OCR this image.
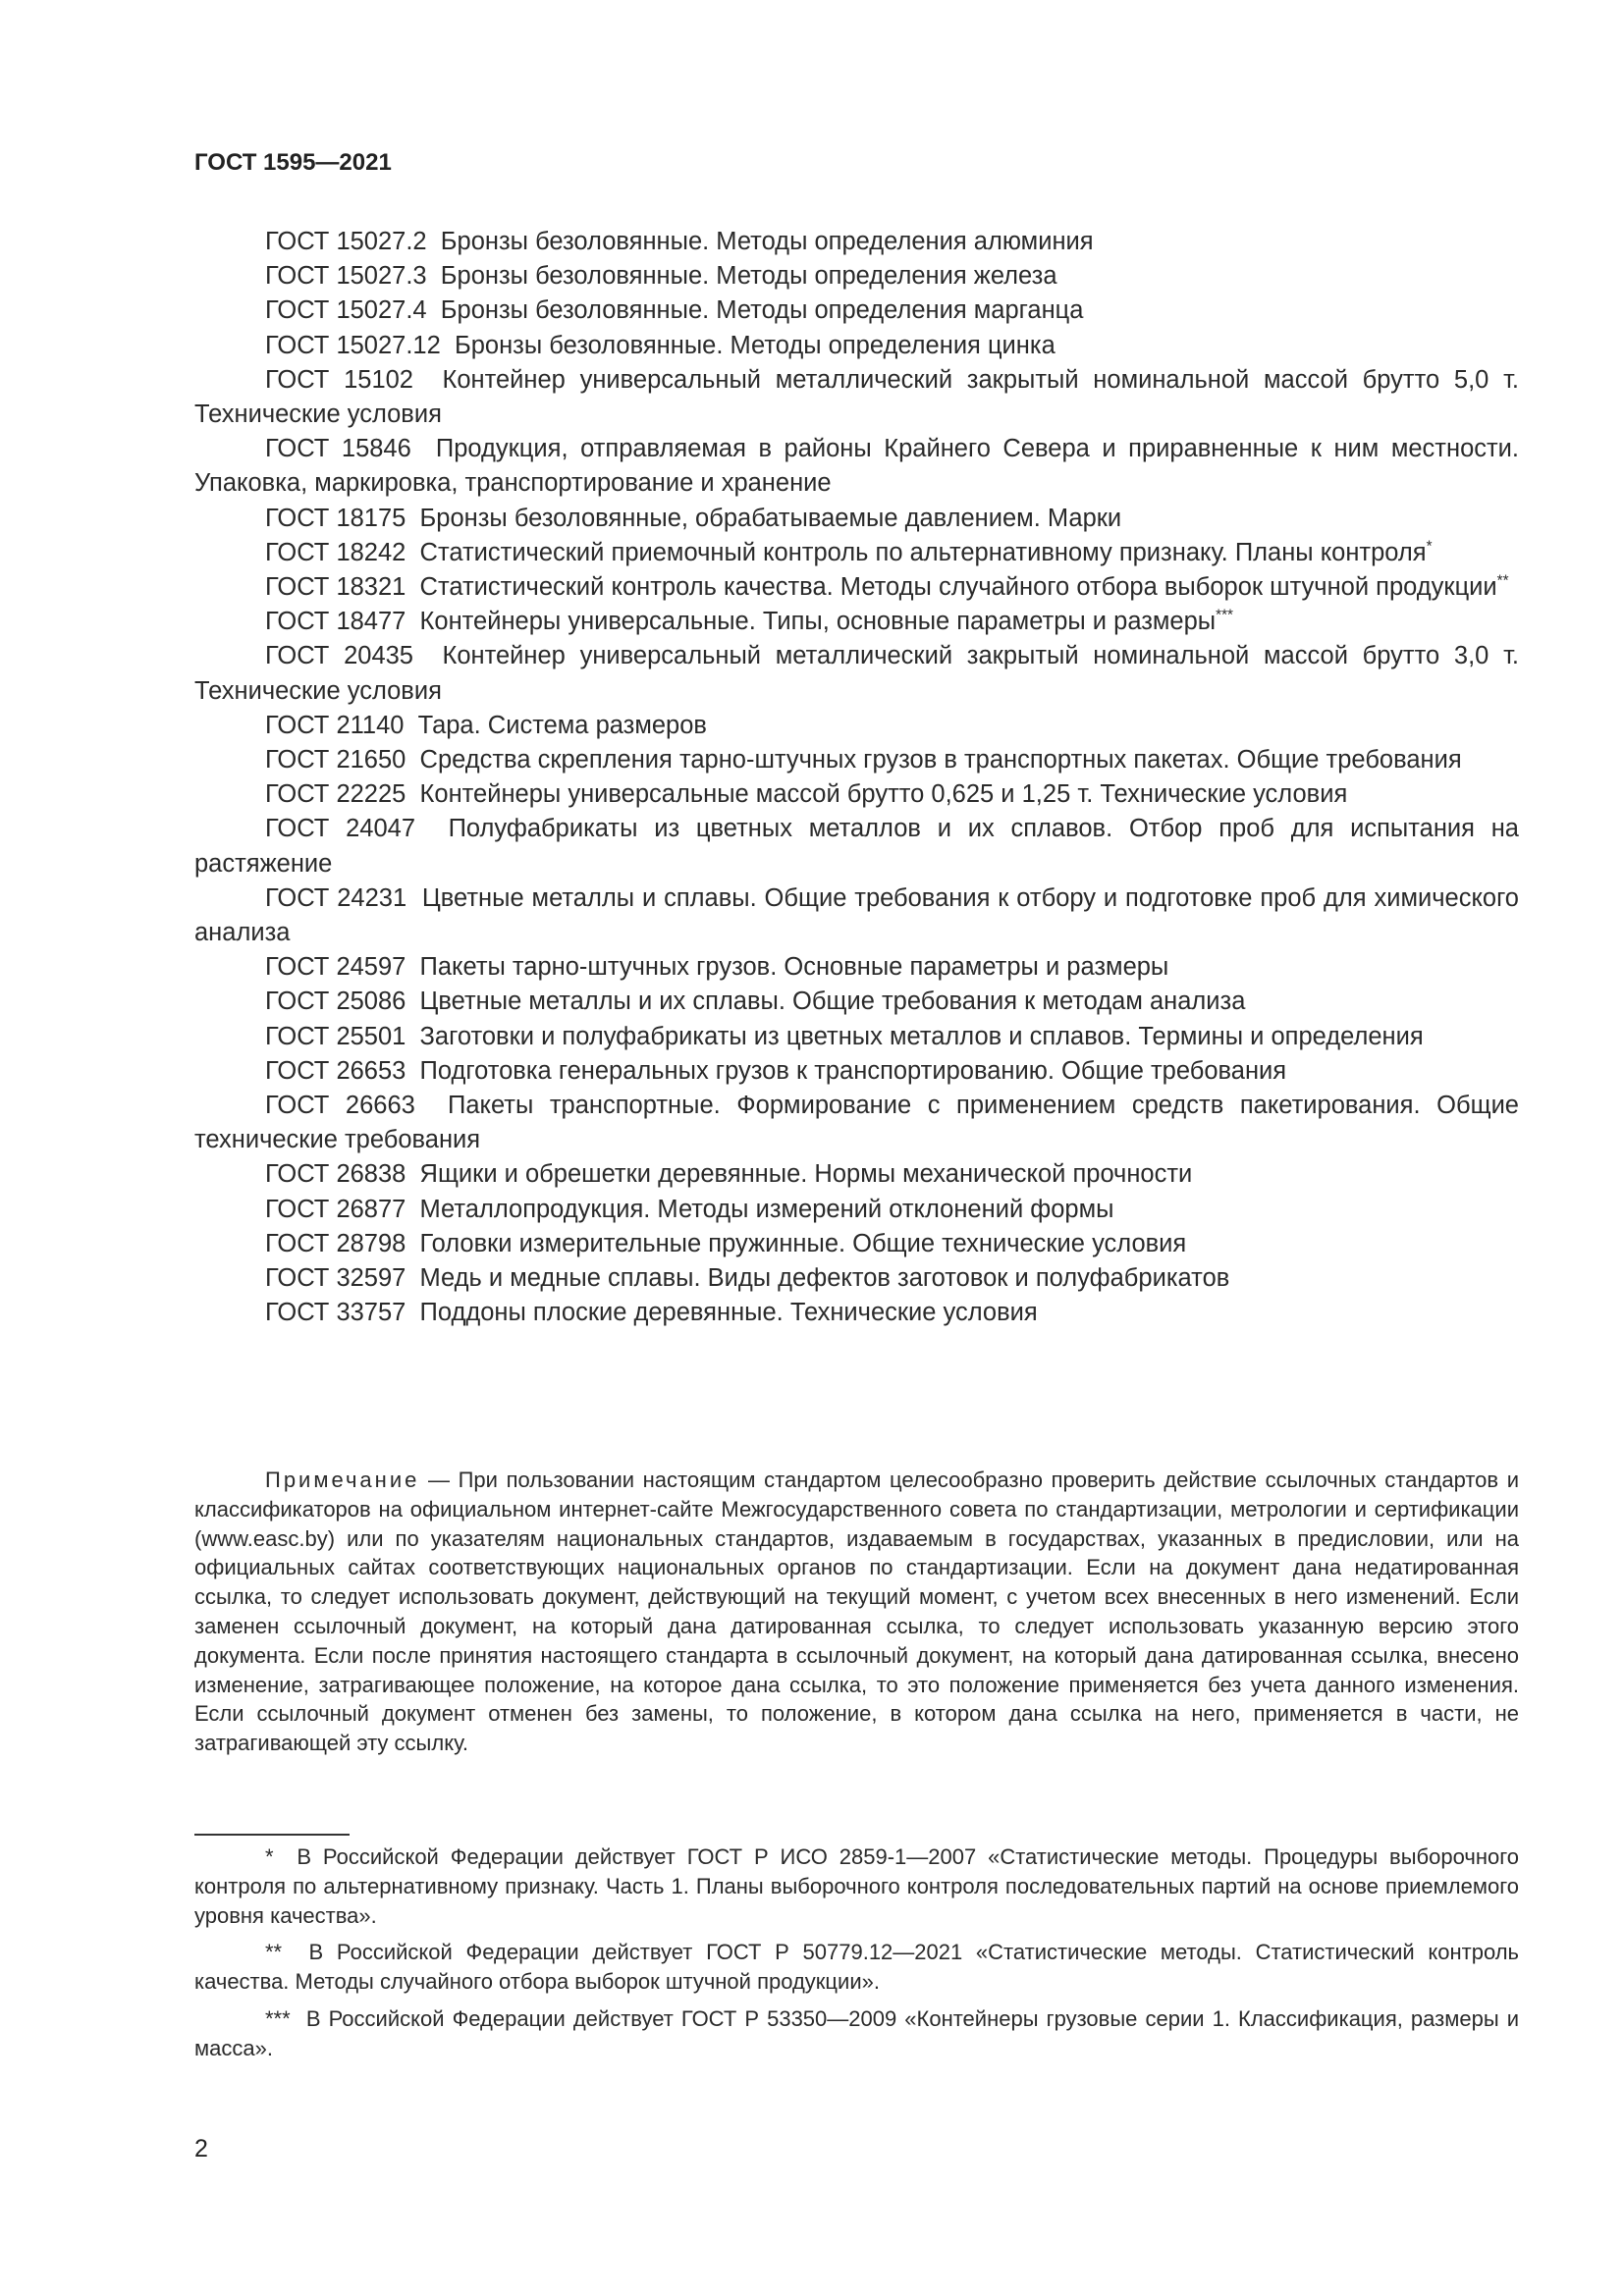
ГОСТ 1595—2021

ГОСТ 15027.2 Бронзы безоловянные. Методы определения алюминия

ГОСТ 15027.3 Бронзы безоловянные. Методы определения железа

ГОСТ 15027.4 Бронзы безоловянные. Методы определения марганца

ГОСТ 15027.12 Бронзы безоловянные. Методы определения цинка

ГОСТ 15102 Контейнер универсальный металлический закрытый номинальной массой брутто 5,0 т. Технические условия

ГОСТ 15846 Продукция, отправляемая в районы Крайнего Севера и приравненные к ним местности. Упаковка, маркировка, транспортирование и хранение

ГОСТ 18175 Бронзы безоловянные, обрабатываемые давлением. Марки

ГОСТ 18242 Статистический приемочный контроль по альтернативному признаку. Планы контроля*

ГОСТ 18321 Статистический контроль качества. Методы случайного отбора выборок штучной продукции**

ГОСТ 18477 Контейнеры универсальные. Типы, основные параметры и размеры***

ГОСТ 20435 Контейнер универсальный металлический закрытый номинальной массой брутто 3,0 т. Технические условия

ГОСТ 21140 Тара. Система размеров

ГОСТ 21650 Средства скрепления тарно-штучных грузов в транспортных пакетах. Общие требования

ГОСТ 22225 Контейнеры универсальные массой брутто 0,625 и 1,25 т. Технические условия

ГОСТ 24047 Полуфабрикаты из цветных металлов и их сплавов. Отбор проб для испытания на растяжение

ГОСТ 24231 Цветные металлы и сплавы. Общие требования к отбору и подготовке проб для химического анализа

ГОСТ 24597 Пакеты тарно-штучных грузов. Основные параметры и размеры

ГОСТ 25086 Цветные металлы и их сплавы. Общие требования к методам анализа

ГОСТ 25501 Заготовки и полуфабрикаты из цветных металлов и сплавов. Термины и определения

ГОСТ 26653 Подготовка генеральных грузов к транспортированию. Общие требования

ГОСТ 26663 Пакеты транспортные. Формирование с применением средств пакетирования. Общие технические требования

ГОСТ 26838 Ящики и обрешетки деревянные. Нормы механической прочности

ГОСТ 26877 Металлопродукция. Методы измерений отклонений формы

ГОСТ 28798 Головки измерительные пружинные. Общие технические условия

ГОСТ 32597 Медь и медные сплавы. Виды дефектов заготовок и полуфабрикатов

ГОСТ 33757 Поддоны плоские деревянные. Технические условия

Примечание — При пользовании настоящим стандартом целесообразно проверить действие ссылочных стандартов и классификаторов на официальном интернет-сайте Межгосударственного совета по стандартизации, метрологии и сертификации (www.easc.by) или по указателям национальных стандартов, издаваемым в государствах, указанных в предисловии, или на официальных сайтах соответствующих национальных органов по стандартизации. Если на документ дана недатированная ссылка, то следует использовать документ, действующий на текущий момент, с учетом всех внесенных в него изменений. Если заменен ссылочный документ, на который дана датированная ссылка, то следует использовать указанную версию этого документа. Если после принятия настоящего стандарта в ссылочный документ, на который дана датированная ссылка, внесено изменение, затрагивающее положение, на которое дана ссылка, то это положение применяется без учета данного изменения. Если ссылочный документ отменен без замены, то положение, в котором дана ссылка на него, применяется в части, не затрагивающей эту ссылку.

* В Российской Федерации действует ГОСТ Р ИСО 2859-1—2007 «Статистические методы. Процедуры выборочного контроля по альтернативному признаку. Часть 1. Планы выборочного контроля последовательных партий на основе приемлемого уровня качества».

** В Российской Федерации действует ГОСТ Р 50779.12—2021 «Статистические методы. Статистический контроль качества. Методы случайного отбора выборок штучной продукции».

*** В Российской Федерации действует ГОСТ Р 53350—2009 «Контейнеры грузовые серии 1. Классификация, размеры и масса».

2
